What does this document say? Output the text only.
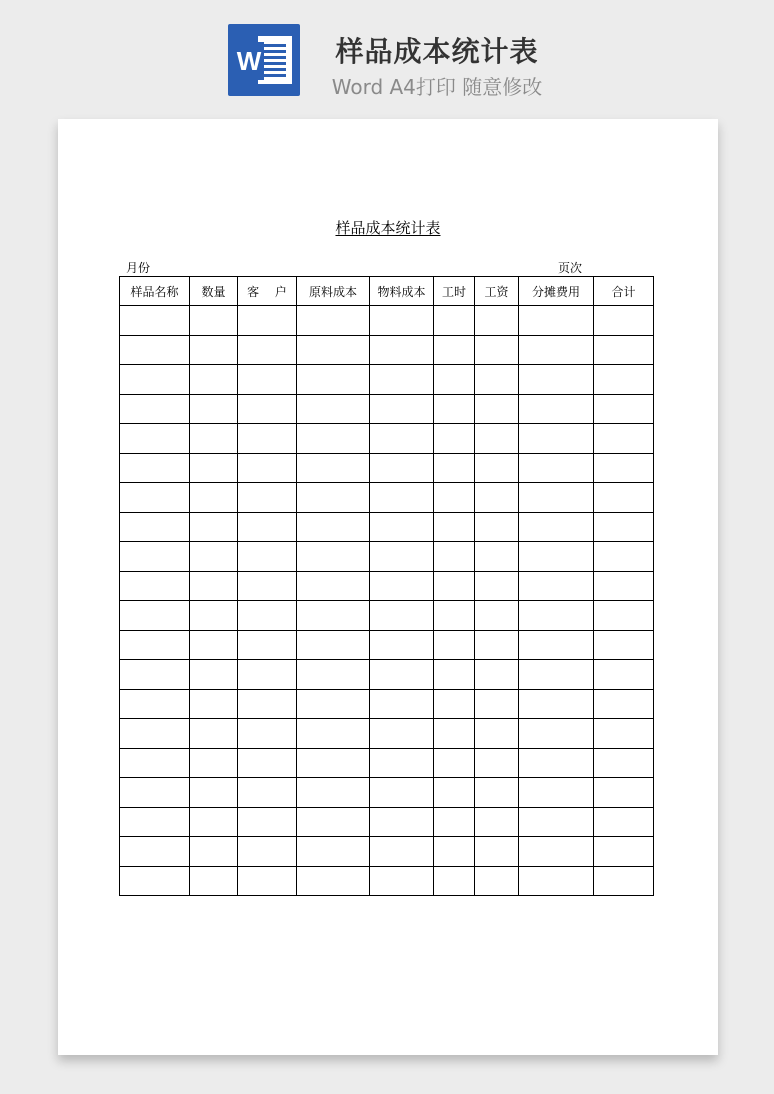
W	样品成本统计表
Word A4打印 随意修改
样品成本统计表
月份	页次
样品名称	数量	客　 户	原料成本	物料成本	工时	工资	分摊费用	合计
